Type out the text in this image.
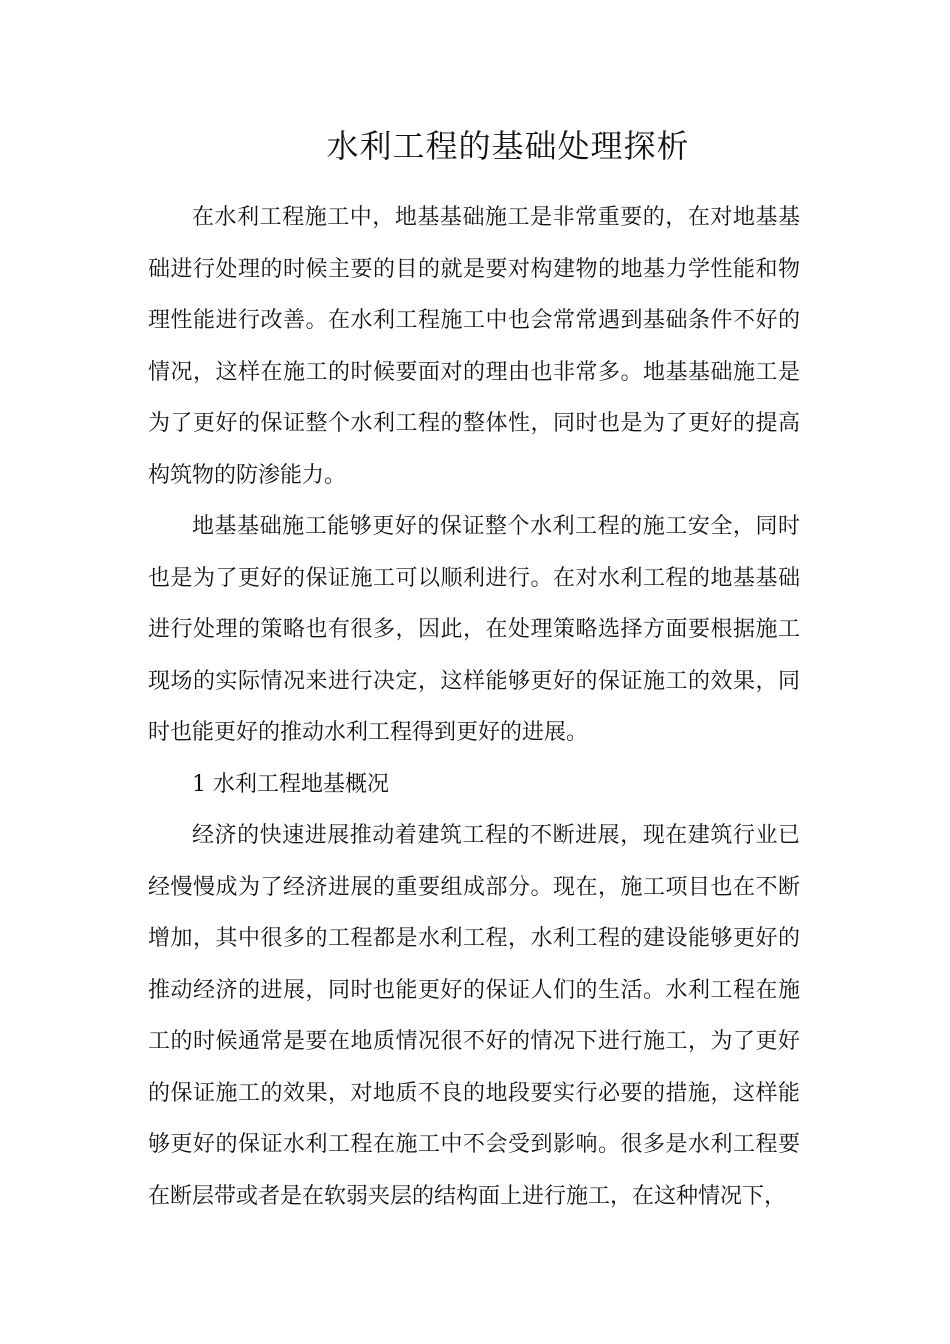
水利工程的基础处理探析

在水利工程施工中，地基基础施工是非常重要的，在对地基基础进行处理的时候主要的目的就是要对构建物的地基力学性能和物理性能进行改善。在水利工程施工中也会常常遇到基础条件不好的情况，这样在施工的时候要面对的理由也非常多。地基基础施工是为了更好的保证整个水利工程的整体性，同时也是为了更好的提高构筑物的防渗能力。

地基基础施工能够更好的保证整个水利工程的施工安全，同时也是为了更好的保证施工可以顺利进行。在对水利工程的地基基础进行处理的策略也有很多，因此，在处理策略选择方面要根据施工现场的实际情况来进行决定，这样能够更好的保证施工的效果，同时也能更好的推动水利工程得到更好的进展。

1 水利工程地基概况

经济的快速进展推动着建筑工程的不断进展，现在建筑行业已经慢慢成为了经济进展的重要组成部分。现在，施工项目也在不断增加，其中很多的工程都是水利工程，水利工程的建设能够更好的推动经济的进展，同时也能更好的保证人们的生活。水利工程在施工的时候通常是要在地质情况很不好的情况下进行施工，为了更好的保证施工的效果，对地质不良的地段要实行必要的措施，这样能够更好的保证水利工程在施工中不会受到影响。很多是水利工程要在断层带或者是在软弱夹层的结构面上进行施工，在这种情况下，
